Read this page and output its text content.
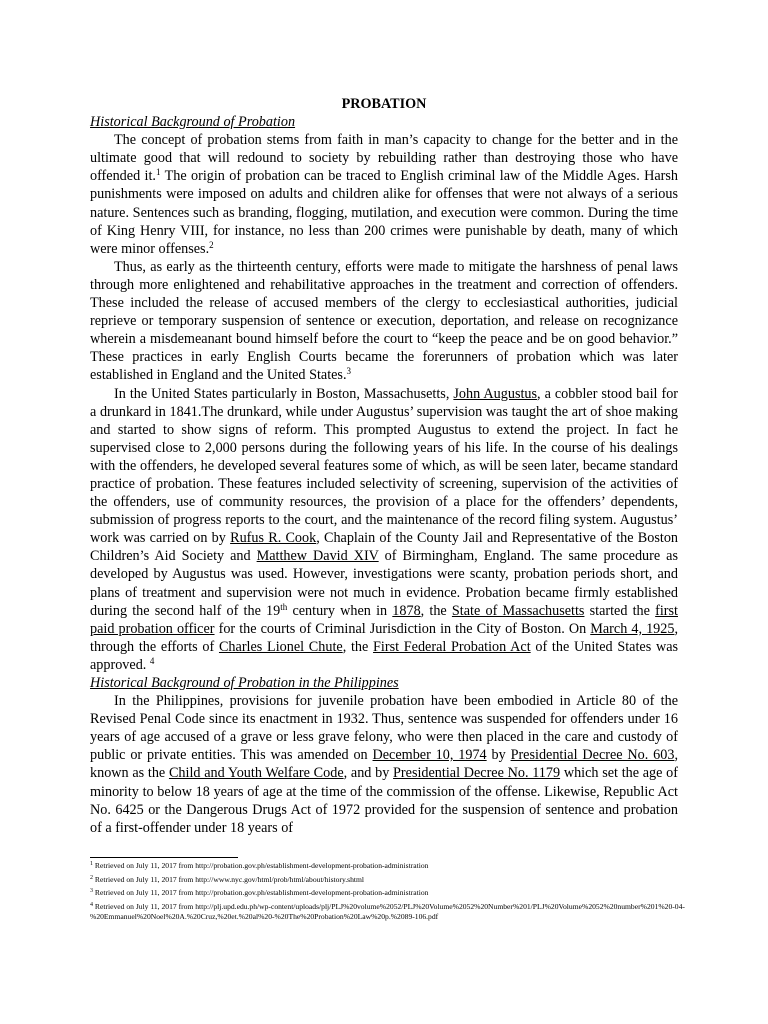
PROBATION

Historical Background of Probation

The concept of probation stems from faith in man’s capacity to change for the better and in the ultimate good that will redound to society by rebuilding rather than destroying those who have offended it.$^1$ The origin of probation can be traced to English criminal law of the Middle Ages. Harsh punishments were imposed on adults and children alike for offenses that were not always of a serious nature. Sentences such as branding, flogging, mutilation, and execution were common. During the time of King Henry VIII, for instance, no less than 200 crimes were punishable by death, many of which were minor offenses.$^2$

Thus, as early as the thirteenth century, efforts were made to mitigate the harshness of penal laws through more enlightened and rehabilitative approaches in the treatment and correction of offenders. These included the release of accused members of the clergy to ecclesiastical authorities, judicial reprieve or temporary suspension of sentence or execution, deportation, and release on recognizance wherein a misdemeanant bound himself before the court to “keep the peace and be on good behavior.” These practices in early English Courts became the forerunners of probation which was later established in England and the United States.$^3$

In the United States particularly in Boston, Massachusetts, John Augustus, a cobbler stood bail for a drunkard in 1841.The drunkard, while under Augustus’ supervision was taught the art of shoe making and started to show signs of reform. This prompted Augustus to extend the project. In fact he supervised close to 2,000 persons during the following years of his life. In the course of his dealings with the offenders, he developed several features some of which, as will be seen later, became standard practice of probation. These features included selectivity of screening, supervision of the activities of the offenders, use of community resources, the provision of a place for the offenders’ dependents, submission of progress reports to the court, and the maintenance of the record filing system. Augustus’ work was carried on by Rufus R. Cook, Chaplain of the County Jail and Representative of the Boston Children’s Aid Society and Matthew David XIV of Birmingham, England. The same procedure as developed by Augustus was used. However, investigations were scanty, probation periods short, and plans of treatment and supervision were not much in evidence. Probation became firmly established during the second half of the 19th century when in 1878, the State of Massachusetts started the first paid probation officer for the courts of Criminal Jurisdiction in the City of Boston. On March 4, 1925, through the efforts of Charles Lionel Chute, the First Federal Probation Act of the United States was approved. $^4$

Historical Background of Probation in the Philippines

In the Philippines, provisions for juvenile probation have been embodied in Article 80 of the Revised Penal Code since its enactment in 1932. Thus, sentence was suspended for offenders under 16 years of age accused of a grave or less grave felony, who were then placed in the care and custody of public or private entities. This was amended on December 10, 1974 by Presidential Decree No. 603, known as the Child and Youth Welfare Code, and by Presidential Decree No. 1179 which set the age of minority to below 18 years of age at the time of the commission of the offense. Likewise, Republic Act No. 6425 or the Dangerous Drugs Act of 1972 provided for the suspension of sentence and probation of a first-offender under 18 years of

$^1$ Retrieved on July 11, 2017 from http://probation.gov.ph/establishment-development-probation-administration

$^2$ Retrieved on July 11, 2017 from http://www.nyc.gov/html/prob/html/about/history.shtml

$^3$ Retrieved on July 11, 2017 from http://probation.gov.ph/establishment-development-probation-administration

$^4$ Retrieved on July 11, 2017 from http://plj.upd.edu.ph/wp-content/uploads/plj/PLJ%20volume%2052/PLJ%20Volume%2052%20Number%201/PLJ%20Volume%2052%20number%201%20-04-%20Emmanuel%20Noel%20A.%20Cruz,%20et.%20al%20-%20The%20Probation%20Law%20p.%2089-106.pdf
